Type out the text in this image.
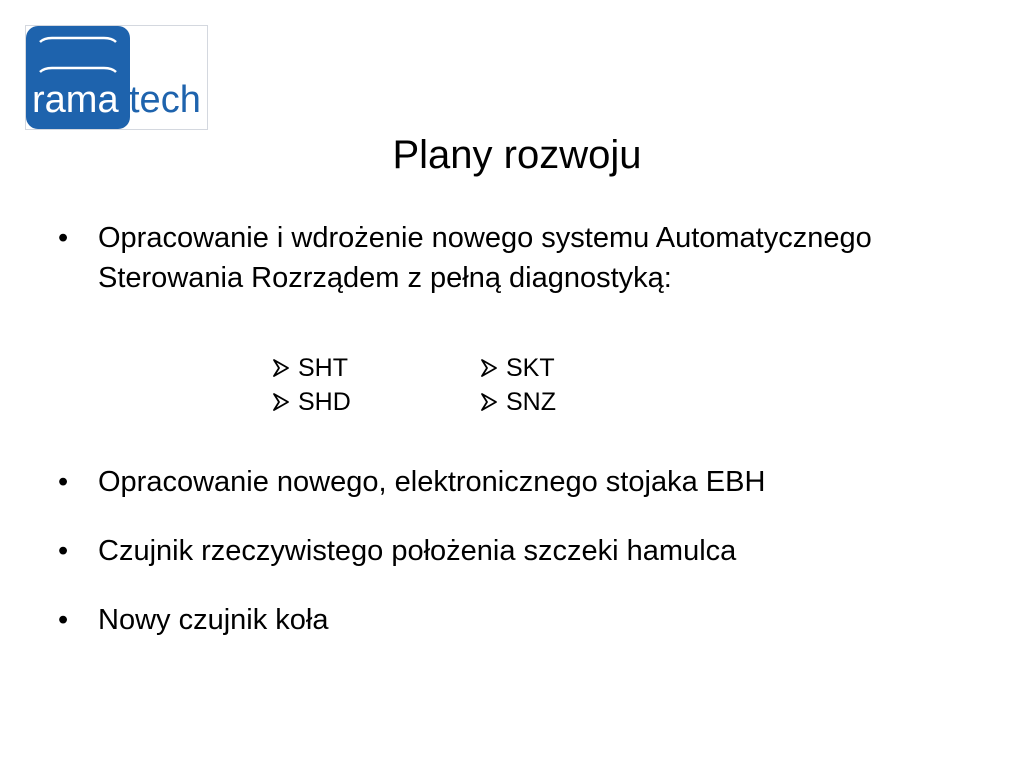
rama tech
Plany rozwoju
•	Opracowanie i wdrożenie nowego systemu Automatycznego Sterowania Rozrządem z pełną diagnostyką:
SHT
SHD
SKT
SNZ
•	Opracowanie nowego, elektronicznego stojaka EBH
•	Czujnik rzeczywistego położenia szczeki hamulca
•	Nowy czujnik koła
